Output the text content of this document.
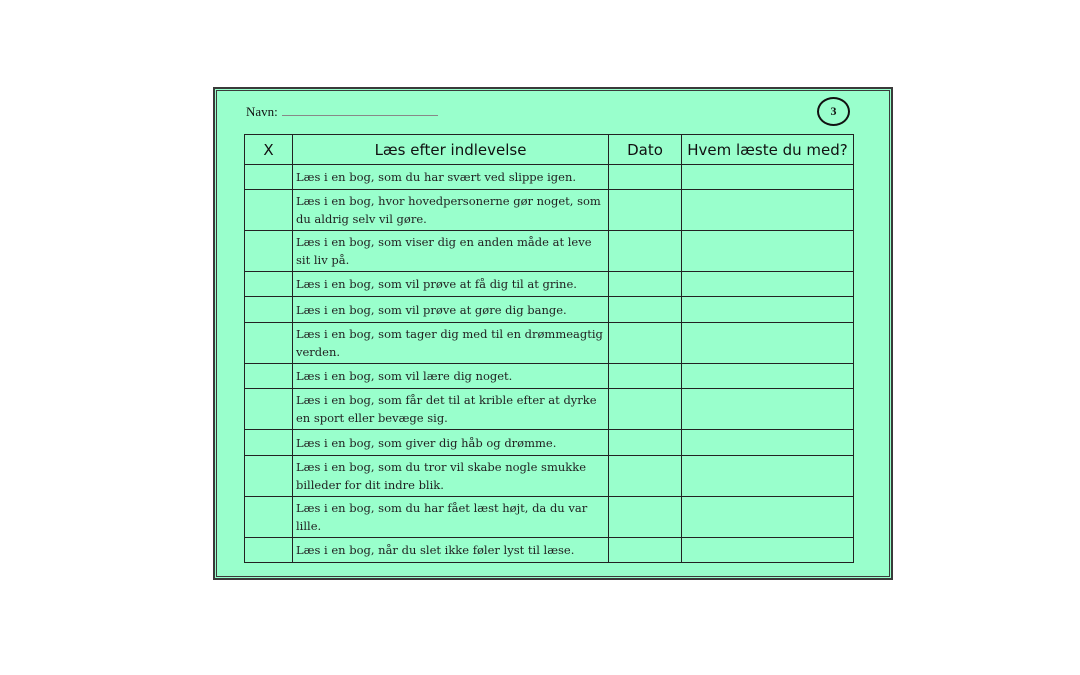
Navn:	3
X	Læs efter indlevelse	Dato	Hvem læste du med?
	Læs i en bog, som du har svært ved slippe igen.		
	Læs i en bog, hvor hovedpersonerne gør noget, som du aldrig selv vil gøre.		
	Læs i en bog, som viser dig en anden måde at leve sit liv på.		
	Læs i en bog, som vil prøve at få dig til at grine.		
	Læs i en bog, som vil prøve at gøre dig bange.		
	Læs i en bog, som tager dig med til en drømmeagtig verden.		
	Læs i en bog, som vil lære dig noget.		
	Læs i en bog, som får det til at krible efter at dyrke en sport eller bevæge sig.		
	Læs i en bog, som giver dig håb og drømme.		
	Læs i en bog, som du tror vil skabe nogle smukke billeder for dit indre blik.		
	Læs i en bog, som du har fået læst højt, da du var lille.		
	Læs i en bog, når du slet ikke føler lyst til læse.		
